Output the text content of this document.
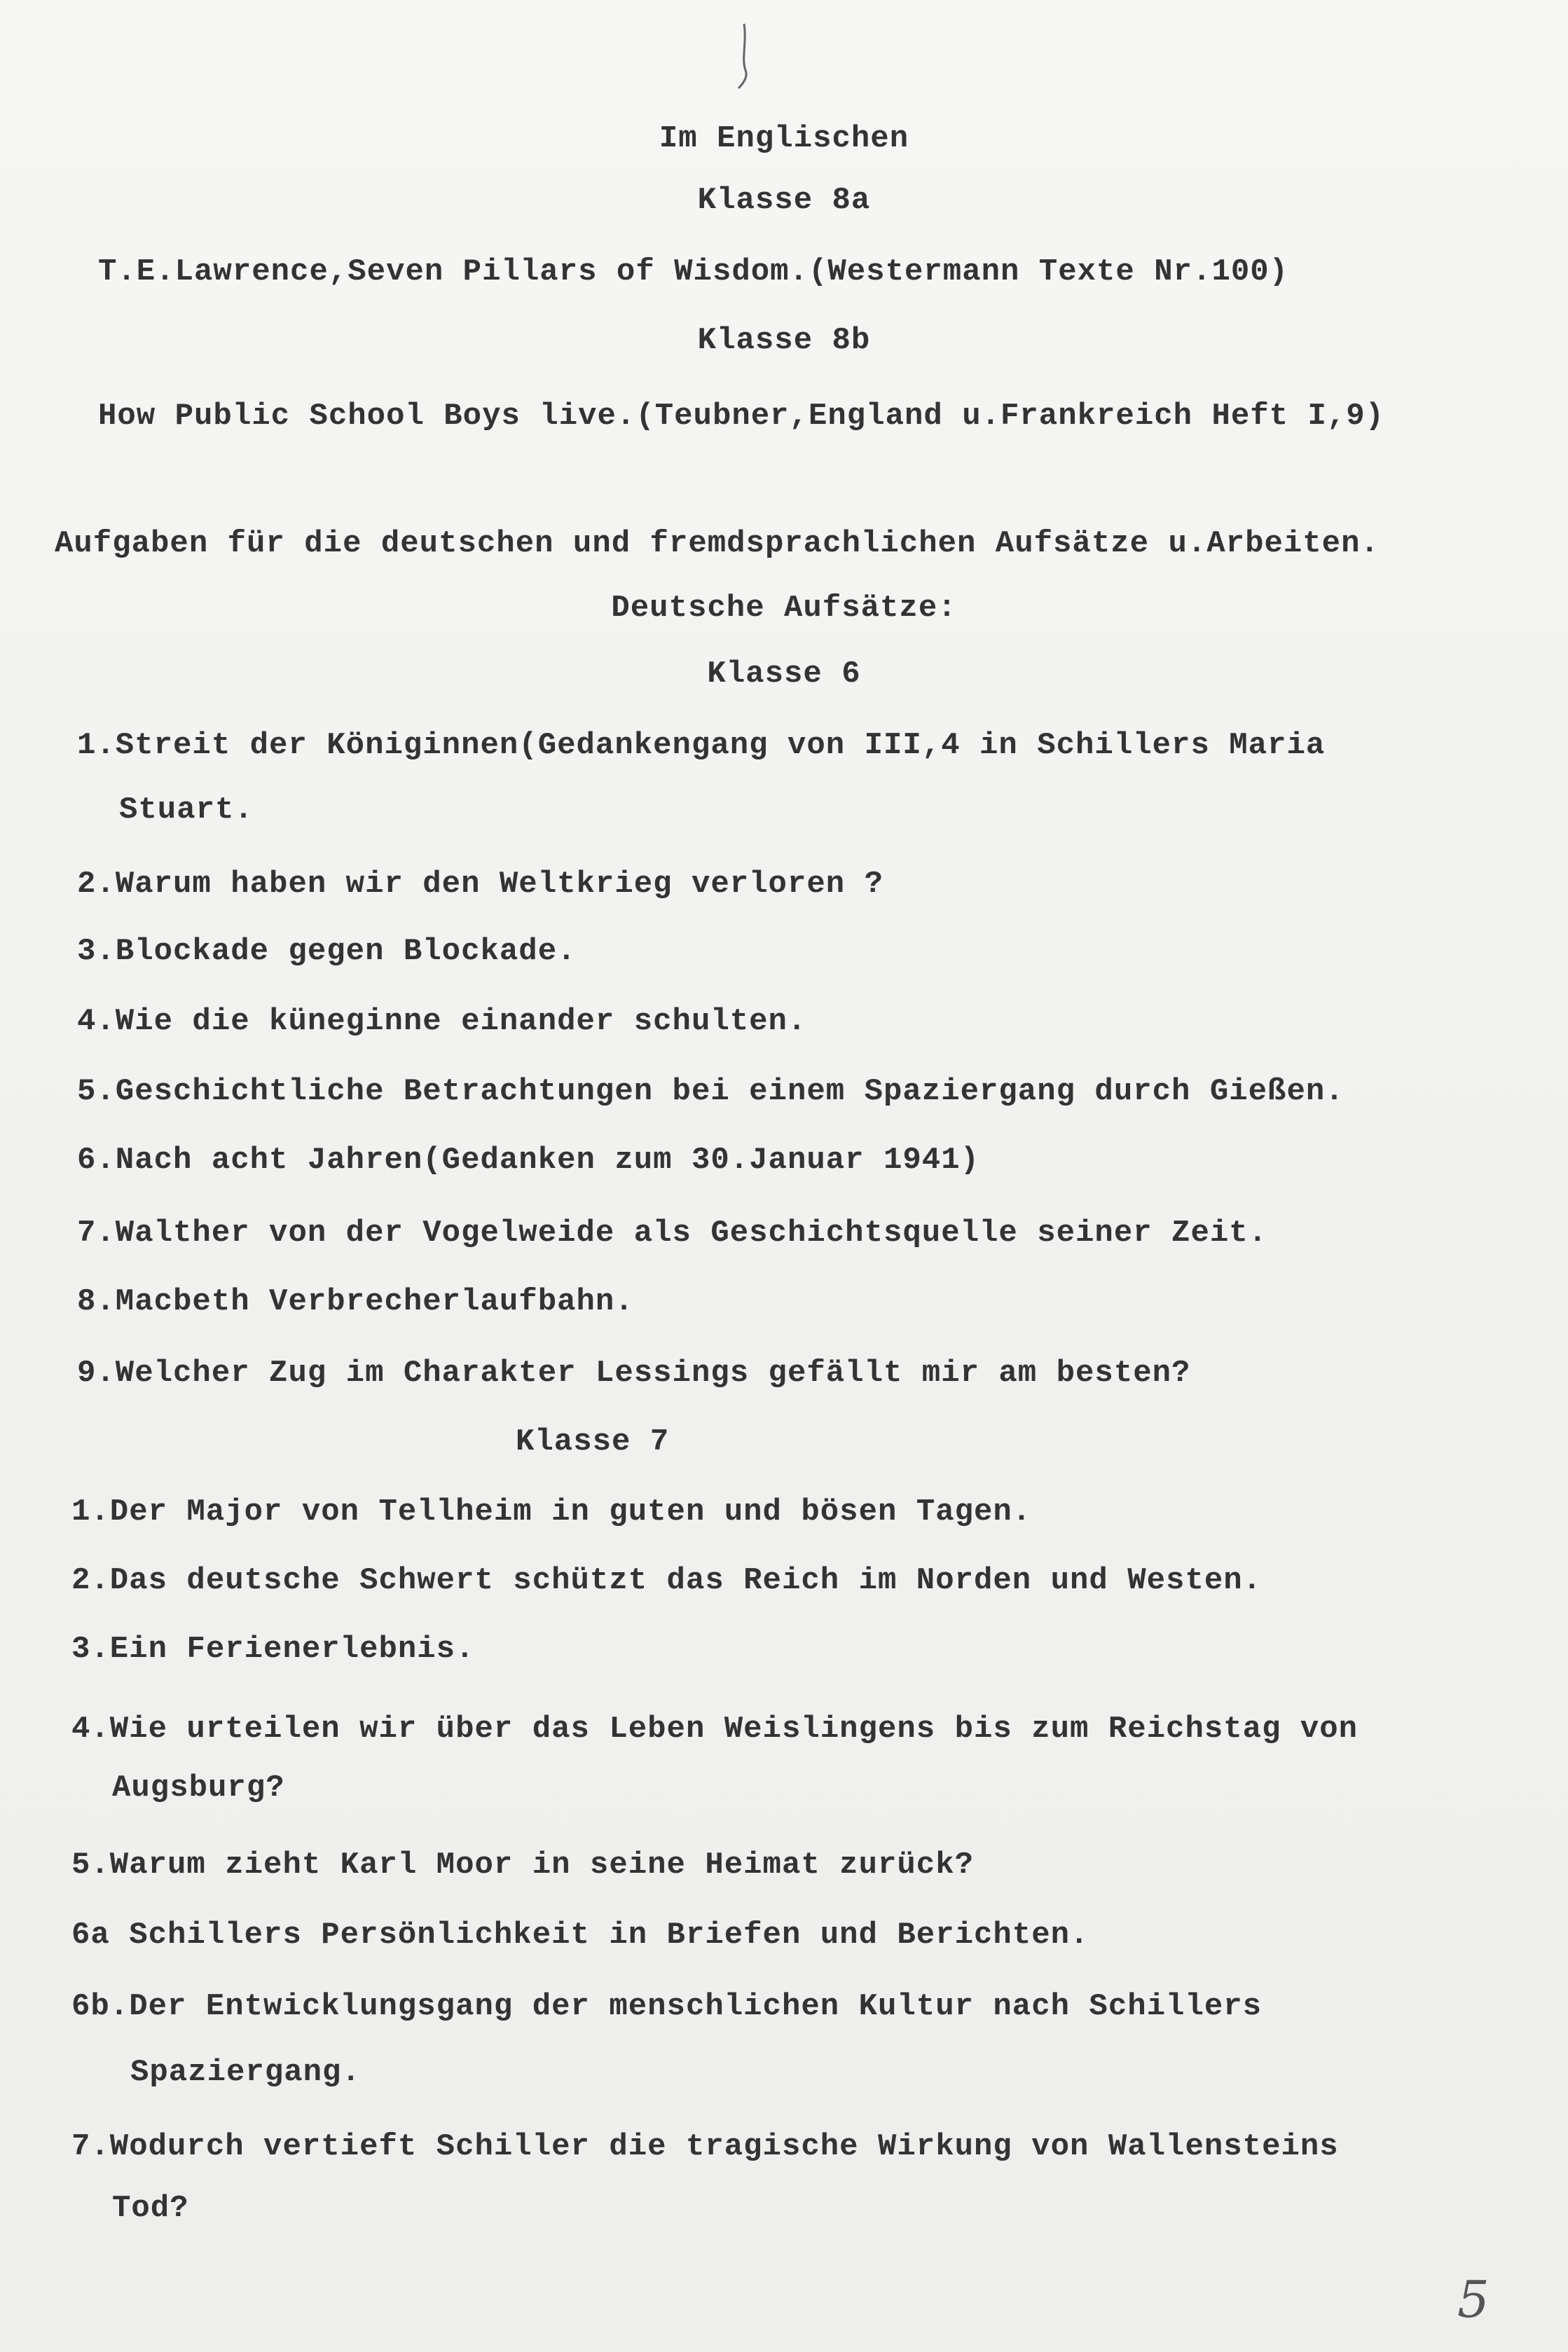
Im Englischen
Klasse 8a
T.E.Lawrence,Seven Pillars of Wisdom.(Westermann Texte Nr.100)
Klasse 8b
How Public School Boys live.(Teubner,England u.Frankreich Heft I,9)
Aufgaben für die deutschen und fremdsprachlichen Aufsätze u.Arbeiten.
Deutsche Aufsätze:
Klasse 6
1.Streit der Königinnen(Gedankengang von III,4 in Schillers Maria
Stuart.
2.Warum haben wir den Weltkrieg verloren ?
3.Blockade gegen Blockade.
4.Wie die küneginne einander schulten.
5.Geschichtliche Betrachtungen bei einem Spaziergang durch Gießen.
6.Nach acht Jahren(Gedanken zum 30.Januar 1941)
7.Walther von der Vogelweide als Geschichtsquelle seiner Zeit.
8.Macbeth Verbrecherlaufbahn.
9.Welcher Zug im Charakter Lessings gefällt mir am besten?
Klasse 7
1.Der Major von Tellheim in guten und bösen Tagen.
2.Das deutsche Schwert schützt das Reich im Norden und Westen.
3.Ein Ferienerlebnis.
4.Wie urteilen wir über das Leben Weislingens bis zum Reichstag von
Augsburg?
5.Warum zieht Karl Moor in seine Heimat zurück?
6a Schillers Persönlichkeit in Briefen und Berichten.
6b.Der Entwicklungsgang der menschlichen Kultur nach Schillers
Spaziergang.
7.Wodurch vertieft Schiller die tragische Wirkung von Wallensteins
Tod?
5
